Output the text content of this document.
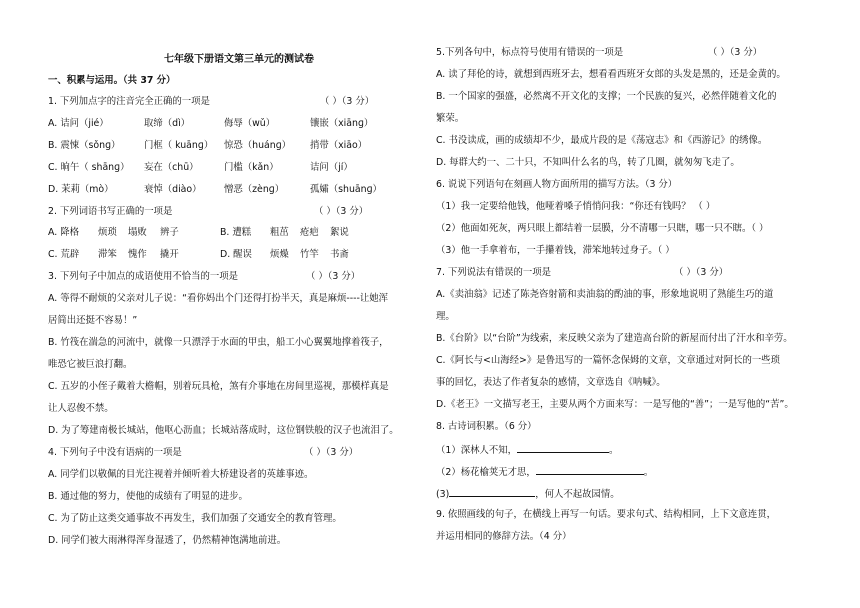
七年级下册语文第三单元的测试卷
一、积累与运用。（共 37 分）
1. 下列加点字的注音完全正确的一项是	（ ）（3 分）
A. 诘问（jié）	取缔（dì）	侮辱（wǔ）	镶嵌（xiānɡ）
B. 震悚（sǒnɡ）	门框（ kuānɡ） 惊恐（huánɡ） 捎带（xiāo）
C. 晌午（ shānɡ） 妄在（chū）	门槛（kǎn）	诘问（jí）
D. 茉莉（mò）	衰悼（diào） 憎恶（zènɡ）	孤孀（shuānɡ）
2. 下列词语书写正确的一项是	（ ）（3 分）
A. 降格 烦琐 塌败 辨子	B. 遭糕 粗茁 疮疤 絮说
C. 荒辟 滞笨 愧作 撬开	D. 醒误 烦燥 竹竿 书斋
3. 下列句子中加点的成语使用不恰当的一项是	（ ）（3 分）
A. 等得不耐烦的父亲对儿子说：“看你妈出个门还得打扮半天，真是麻烦----让她浑
居简出还挺不容易！”
B. 竹筏在湍急的河流中，就像一只漂浮于水面的甲虫，船工小心翼翼地撑着筏子，
唯恐它被巨浪打翻。
C. 五岁的小侄子戴着大檐帽，别着玩具枪，煞有介事地在房间里巡视，那模样真是
让人忍俊不禁。
D. 为了筹建南极长城站，他呕心沥血；长城站落成时，这位钢铁般的汉子也流泪了。
4. 下列句子中没有语病的一项是	（ ）（3 分）
A. 同学们以敬佩的目光注视着并倾听着大桥建设者的英雄事迹。
B. 通过他的努力，使他的成绩有了明显的进步。
C. 为了防止这类交通事故不再发生，我们加强了交通安全的教育管理。
D. 同学们被大雨淋得浑身湿透了，仍然精神饱满地前进。
5.下列各句中，标点符号使用有错误的一项是	（ ）（3 分）
A. 读了拜伦的诗，就想到西班牙去，想看看西班牙女郎的头发是黑的，还是金黄的。
B. 一个国家的强盛，必然离不开文化的支撑；一个民族的复兴，必然伴随着文化的
繁荣。
C. 书没读成，画的成绩却不少，最成片段的是《荡寇志》和《西游记》的绣像。
D. 每群大约一、二十只，不知叫什么名的鸟，转了几圈，就匆匆飞走了。
6. 说说下列语句在刻画人物方面所用的描写方法。（3 分）
（1）我一定要给他钱，他哑着嗓子悄悄问我：“你还有钱吗？ （ ）
（2）他面如死灰，两只眼上都结着一层膜，分不清哪一只瞎，哪一只不瞎。（ ）
（3）他一手拿着布，一手攥着钱，滞笨地转过身子。（ ）
7. 下列说法有错误的一项是	（ ）（3 分）
A.《卖油翁》记述了陈尧咨射箭和卖油翁的酌油的事，形象地说明了熟能生巧的道
理。
B.《台阶》以“台阶”为线索，来反映父亲为了建造高台阶的新屋而付出了汗水和辛劳。
C.《阿长与<山海经>》是鲁迅写的一篇怀念保姆的文章，文章通过对阿长的一些琐
事的回忆，表达了作者复杂的感情，文章选自《呐喊》。
D.《老王》一文描写老王，主要从两个方面来写：一是写他的“善”；一是写他的“苦”。
8. 古诗词积累。（6 分）
（1）深林人不知，	。
（2）杨花榆荚无才思，	。
(3)	，何人不起故园情。
9. 依照画线的句子，在横线上再写一句话。要求句式、结构相同，上下文意连贯，
并运用相同的修辞方法。（4 分）
